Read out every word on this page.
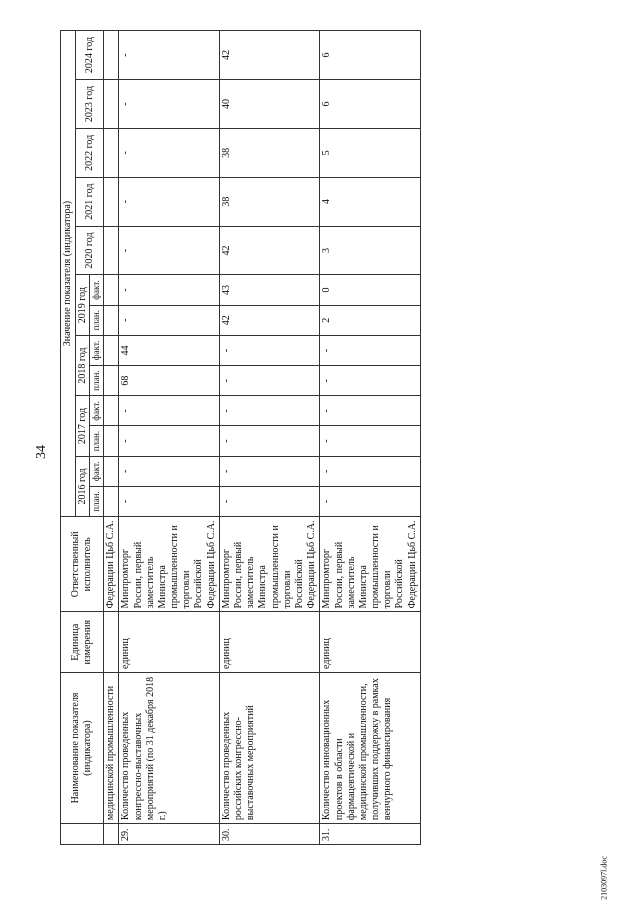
34
2103097l.doc
	Наименование показателя (индикатора)	Единица измерения	Ответственный исполнитель	Значение показателя (индикатора)												
				2016 год		2017 год		2018 год		2019 год		2020 год	2021 год	2022 год	2023 год	2024 год
				план.	факт.	план.	факт.	план.	факт.	план.	факт.					
	медицинской промышленности		Федерации Цьб С.А.													
29.	Количество проведенных конгрессно-выставочных мероприятий (по 31 декабря 2018 г.)	единиц	Минпромторг России, первый заместитель Министра промышленности и торговли Российской Федерации Цьб С.А.	-	-	-	-	68	44	-	-	-	-	-	-	-
30.	Количество проведенных российских конгрессно-выставочных мероприятий	единиц	Минпромторг России, первый заместитель Министра промышленности и торговли Российской Федерации Цьб С.А.	-	-	-	-	-	-	42	43	42	38	38	40	42
31.	Количество инновационных проектов в области фармацевтической и медицинской промышленности, получивших поддержку в рамках венчурного финансирования	единиц	Минпромторг России, первый заместитель Министра промышленности и торговли Российской Федерации Цьб С.А.	-	-	-	-	-	-	2	0	3	4	5	6	6
